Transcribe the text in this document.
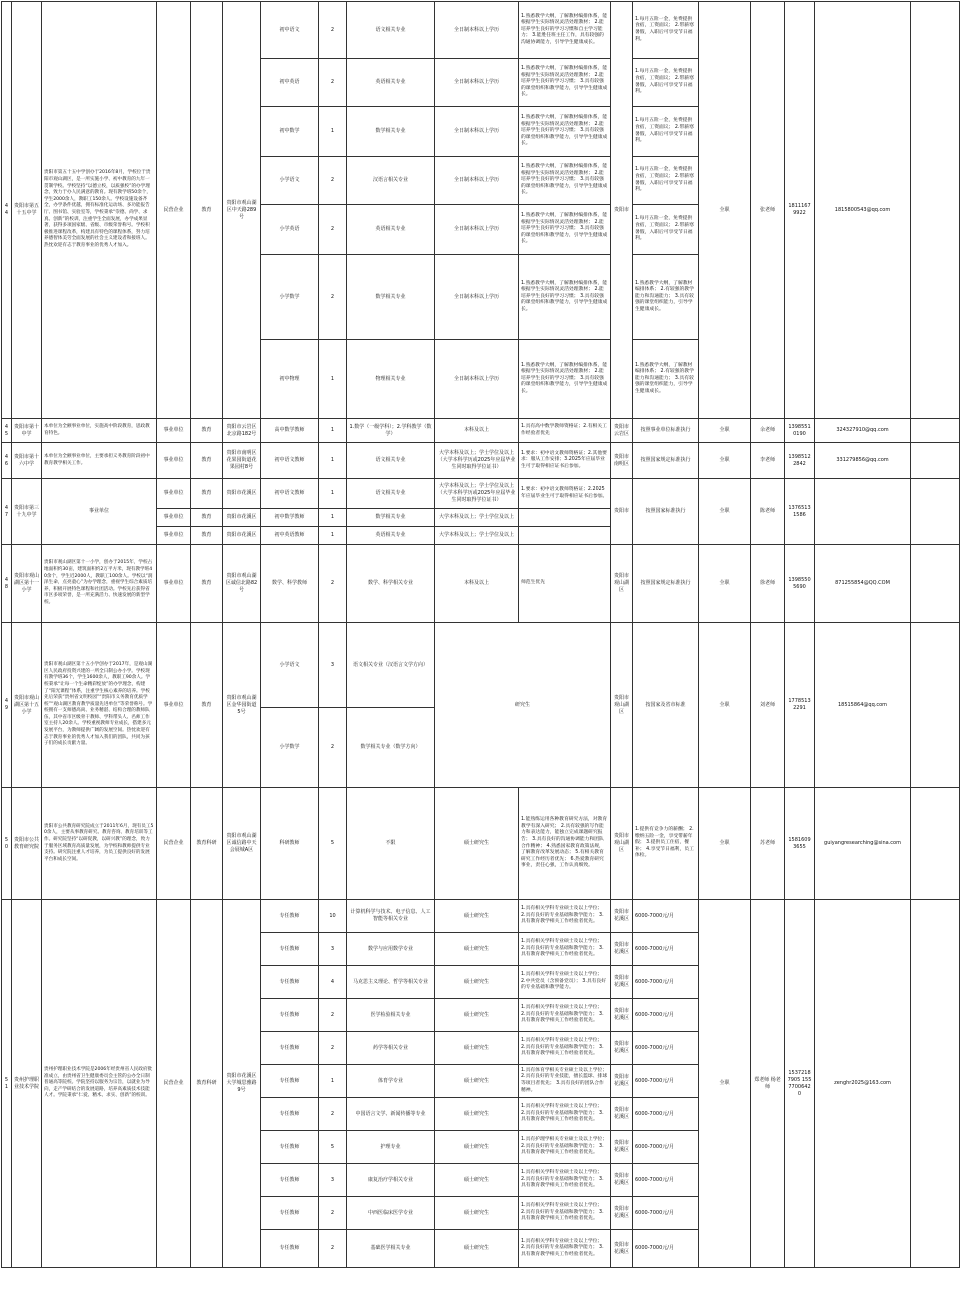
44	贵阳市第五十五中学	贵阳市第五十五中学创办于2016年8月，学校位于贵阳市观山湖区，是一所实施小学、初中教育的九年一贯制学校。学校坚持“以德立校，以质强校”的办学理念，致力于办人民满意的教育。现有教学班50余个，学生2000余人，教职工150余人。学校设施设备齐全，办学条件优越，拥有标准化运动场、多功能报告厅、图书馆、实验室等，学校秉承“崇德、尚学、求真、创新”的校训，注重学生全面发展，办学成果显著，获得多项国家级、省级、市级荣誉称号。学校积极推进课程改革，构建具有特色的课程体系，努力培养德智体美劳全面发展的社会主义建设者和接班人。热忱欢迎有志于教育事业的优秀人才加入。	民营企业	教育	贵阳市观山湖区中天路289号	初中语文	2	语文相关专业	全日制本科以上学历	1.熟悉教学大纲，了解教材编排体系，能根据学生实际情况灵活处理教材； 2.能培养学生良好的学习习惯和自主学习能力； 3.能胜任班主任工作，具有较强的沟通协调能力，引导学生健康成长。	贵阳市	1.每月五险一金，免费提供食宿，工资面议； 2.带薪寒暑假，入职后可享受节日福利。	全职	张老师	18111679922	1815800543@qq.com	
						初中英语	2	英语相关专业	全日制本科以上学历	1.熟悉教学大纲，了解教材编排体系，能根据学生实际情况灵活处理教材； 2.能培养学生良好的学习习惯； 3.具有较强的课堂组织和教学能力，引导学生健康成长。		1.每月五险一金，免费提供食宿，工资面议； 2.带薪寒暑假，入职后可享受节日福利。					
						初中数学	1	数学相关专业	全日制本科以上学历	1.熟悉教学大纲，了解教材编排体系，能根据学生实际情况灵活处理教材； 2.能培养学生良好的学习习惯； 3.具有较强的课堂组织和教学能力，引导学生健康成长。		1.每月五险一金，免费提供食宿，工资面议； 2.带薪寒暑假，入职后可享受节日福利。					
						小学语文	2	汉语言相关专业	全日制本科以上学历	1.熟悉教学大纲，了解教材编排体系，能根据学生实际情况灵活处理教材； 2.能培养学生良好的学习习惯； 3.具有较强的课堂组织和教学能力，引导学生健康成长。		1.每月五险一金，免费提供食宿，工资面议； 2.带薪寒暑假，入职后可享受节日福利。					
						小学英语	2	英语相关专业	全日制本科以上学历	1.熟悉教学大纲，了解教材编排体系，能根据学生实际情况灵活处理教材； 2.能培养学生良好的学习习惯； 3.具有较强的课堂组织和教学能力，引导学生健康成长。		1.每月五险一金，免费提供食宿，工资面议； 2.带薪寒暑假，入职后可享受节日福利。					
						小学数学	2	数学相关专业	全日制本科以上学历	1.熟悉教学大纲，了解教材编排体系，能根据学生实际情况灵活处理教材； 2.能培养学生良好的学习习惯； 3.具有较强的课堂组织和教学能力，引导学生健康成长。		1.熟悉教学大纲，了解教材编排体系； 2.有较强的教学能力和沟通能力； 3.具有较强的课堂组织能力，引导学生健康成长。					
						初中物理	1	物理相关专业	全日制本科以上学历	1.熟悉教学大纲，了解教材编排体系，能根据学生实际情况灵活处理教材； 2.能培养学生良好的学习习惯； 3.具有较强的课堂组织和教学能力，引导学生健康成长。		1.熟悉教学大纲，了解教材编排体系； 2.有较强的教学能力和沟通能力； 3.具有较强的课堂组织能力，引导学生健康成长。					
45	贵阳市第十中学	本单位为全额事业单位，实施高中阶段教育，思政教育特色。	事业单位	教育	贵阳市云岩区北京路182号	高中数学教师	1	1.数学（一级学科）；2.学科教学（数学）	本科及以上	1.具有高中数学教师资格证；2.有相关工作经验者优先	贵阳市云岩区	按照事业单位标准执行	全职	余老师	13985510190	324327910@qq.com	
46	贵阳市第十六中学	本单位为全额事业单位，主要承担义务教育阶段初中教育教学相关工作。	事业单位	教育	贵阳市南明区花果园街道花果园村8号	初中语文教师	1	语文相关专业	大学本科及以上；学士学位及以上（大学本科学历或2025年应届毕业生同时取得学位证书）	1.要求：初中语文教师资格证；2.其他要求：服从工作安排；3.2025年应届毕业生可于取得相应证书后参加。	贵阳市南明区	按照国家规定标准执行	全职	李老师	13985122842	331279856@qq.com	
47	贵阳市第三十九中学	事业单位	事业单位	教育	贵阳市花溪区	初中语文教师	1	语文相关专业	大学本科及以上；学士学位及以上（大学本科学历或2025年应届毕业生同时取得学位证书）	1.要求：初中语文教师资格证；2.2025年应届毕业生可于取得相应证书后参加。	贵阳市	按照国家标准执行	全职	陈老师	13765131586		
			事业单位	教育	贵阳市花溪区	初中数学教师	1	数学相关专业	大学本科及以上；学士学位及以上								
			事业单位	教育	贵阳市花溪区	初中英语教师	1	英语相关专业	大学本科及以上；学士学位及以上								
48	贵阳市观山湖区第十一小学	贵阳市观山湖区第十一小学，创办于2015年，学校占地面积约30亩，建筑面积约2万平方米，现有教学班40余个，学生近2000人，教职工100余人。学校以“润泽生命，点亮童心”为办学理念，重视学生综合素质培养，积极开展特色课程和社团活动。学校先后获得省市区多项荣誉，是一所充满活力、快速发展的新型学校。	事业单位	教育	贵阳市观山湖区诚信北路82号	数学、科学教师	2	数学、科学相关专业	本科及以上	师范生优先	贵阳市观山湖区	按照国家规定标准执行	全职	徐老师	13985505690	871255854@QQ.COM	
49	贵阳市观山湖区第十五小学	贵阳市观山湖区第十五小学创办于2017年，是观山湖区人民政府投资兴建的一所全日制公办小学。学校现有教学班36个，学生1600余人，教职工90余人。学校秉承“让每一个生命精彩绽放”的办学理念，构建了“阳光课程”体系，注重学生核心素养的培养。学校先后荣获“贵州省文明校园”“贵阳市义务教育优质学校”“观山湖区教育教学质量先进单位”等荣誉称号。学校拥有一支师德高尚、业务精湛、结构合理的教师队伍，其中省市区级骨干教师、学科带头人、名师工作室主持人20余人。学校重视教师专业成长，搭建多元发展平台，为教师提供广阔的发展空间。热忱欢迎有志于教育事业的优秀人才加入我们的团队，共同为孩子们的成长贡献力量。	事业单位	教育	贵阳市观山湖区金华园街道5号	小学语文	3	语文相关专业（汉语言文学方向）	研究生		贵阳市观山湖区	按国家及省市标准	全职	刘老师	17785132291	18515864@qq.com	
						小学数学	2	数学相关专业（数学方向）									
50	贵阳市公共教育研究院	贵阳市公共教育研究院成立于2011年6月，现有员工50余人，主要从事教育研究、教育咨询、教育培训等工作。研究院坚持“以研促教，以研兴教”的理念，致力于服务区域教育高质量发展，为学校和教师提供专业支持。研究院注重人才培养，为员工提供良好的发展平台和成长空间。	民营企业	教育科研	贵阳市观山湖区诚信路中天会展城A区	科研教师	5	不限	硕士研究生	1.能熟练运用各种教育研究方法，对教育教学有深入研究； 2.具有较强的写作能力和表达能力，能独立完成课题研究报告； 3.具有良好的沟通协调能力和团队合作精神； 4.熟悉国家教育政策法规，了解教育改革发展动态； 5.有相关教育研究工作经历者优先； 6.热爱教育研究事业，责任心强，工作认真细致。	贵阳市观山湖区	1.提供有竞争力的薪酬； 2.缴纳五险一金，享受带薪年假； 3.提供员工住宿，餐补； 4.享受节日福利，员工体检。	全职	苏老师	15816093655	guiyangresearching@sina.com	
51	贵州护理职业技术学院	贵州护理职业技术学院是2006年经贵州省人民政府批准成立，由贵州省卫生健康委员会主管的公办全日制普通高等院校。学院坚持以服务为宗旨，以就业为导向，走产学研结合的发展道路，培养高素质技术技能人才。学院秉承“仁爱、精术、求实、创新”的校训。	民营企业	教育科研	贵阳市花溪区大学城思雅路9号	专任教师	10	计算机科学与技术、电子信息、人工智能等相关专业	硕士研究生	1.具有相关学科专业硕士及以上学位； 2.具有良好的专业基础和教学能力； 3.具有教育教学相关工作经验者优先。	贵阳市花溪区	6000-7000元/月	全职	郑老师 杨老师	15372187905 15577006420	zenghr2025@163.com	
						专任教师	3	数学与应用数学专业	硕士研究生	1.具有相关学科专业硕士及以上学位； 2.具有良好的专业基础和教学能力； 3.具有教育教学相关工作经验者优先。	贵阳市花溪区	6000-7000元/月					
						专任教师	4	马克思主义理论、哲学等相关专业	硕士研究生	1.具有相关学科专业硕士及以上学位； 2.中共党员（含预备党员）； 3.具有良好的专业基础和教学能力。	贵阳市花溪区	6000-7000元/月					
						专任教师	2	医学检验相关专业	硕士研究生	1.具有相关学科专业硕士及以上学位； 2.具有良好的专业基础和教学能力； 3.具有教育教学相关工作经验者优先。	贵阳市花溪区	6000-7000元/月					
						专任教师	2	药学等相关专业	硕士研究生	1.具有相关学科专业硕士及以上学位； 2.具有良好的专业基础和教学能力； 3.具有教育教学相关工作经验者优先。	贵阳市花溪区	6000-7000元/月					
						专任教师	1	体育学专业	硕士研究生	1.具有体育学相关专业硕士及以上学位； 2.具有良好的专业技能，擅长篮球、排球等项目者优先； 3.具有良好的团队合作精神。	贵阳市花溪区	6000-7000元/月					
						专任教师	2	中国语言文学、新闻传播等专业	硕士研究生	1.具有相关学科专业硕士及以上学位； 2.具有良好的专业基础和教学能力； 3.具有教育教学相关工作经验者优先。	贵阳市花溪区	6000-7000元/月					
						专任教师	5	护理专业	硕士研究生	1.具有护理学相关专业硕士及以上学位； 2.具有良好的专业基础和教学能力； 3.具有教育教学相关工作经验者优先。	贵阳市花溪区	6000-7000元/月					
						专任教师	3	康复治疗学相关专业	硕士研究生	1.具有相关学科专业硕士及以上学位； 2.具有良好的专业基础和教学能力； 3.具有教育教学相关工作经验者优先。	贵阳市花溪区	6000-7000元/月					
						专任教师	2	中西医临床医学专业	硕士研究生	1.具有相关学科专业硕士及以上学位； 2.具有良好的专业基础和教学能力； 3.具有教育教学相关工作经验者优先。	贵阳市花溪区	6000-7000元/月					
						专任教师	2	基础医学相关专业	硕士研究生	1.具有相关学科专业硕士及以上学位； 2.具有良好的专业基础和教学能力； 3.具有教育教学相关工作经验者优先。	贵阳市花溪区	6000-7000元/月					
